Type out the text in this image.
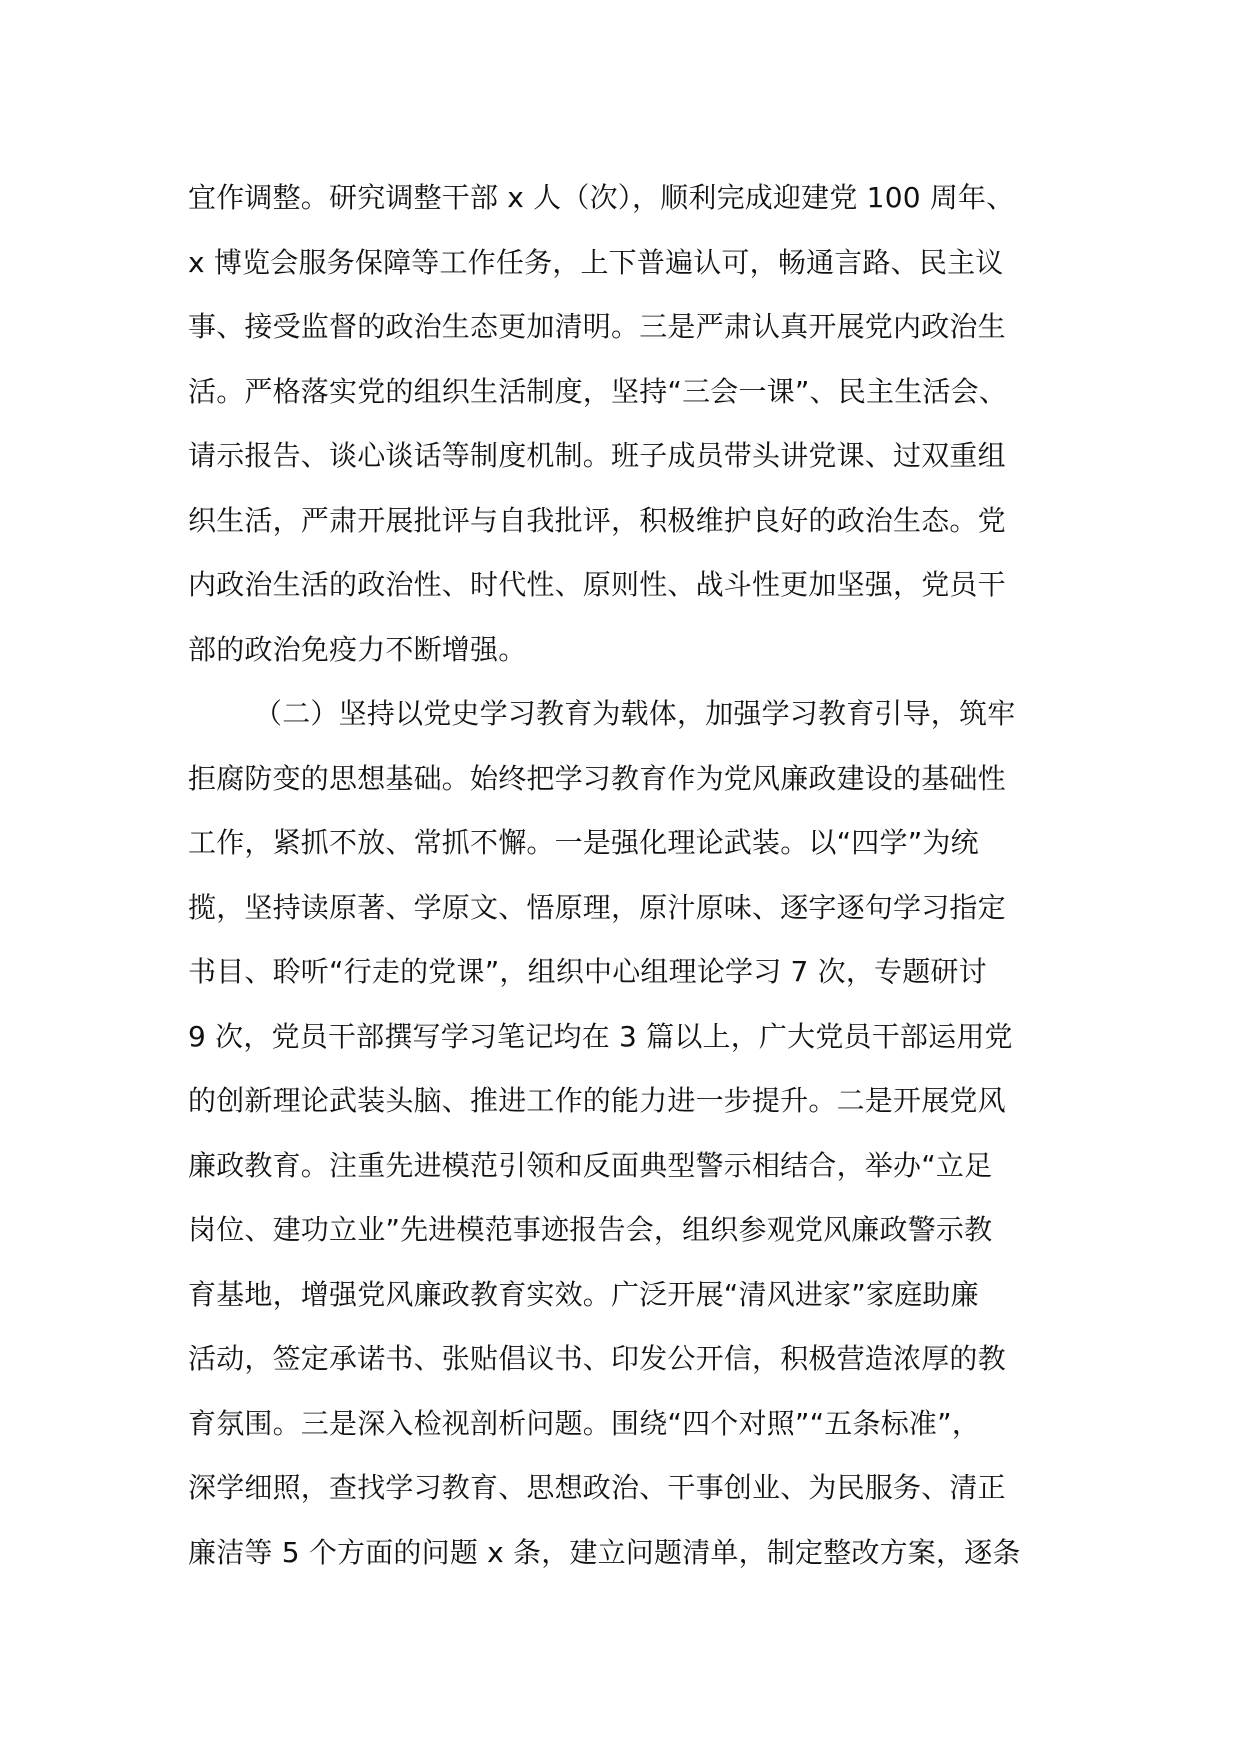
宜作调整。研究调整干部 x 人（次），顺利完成迎建党 100 周年、
x 博览会服务保障等工作任务，上下普遍认可，畅通言路、民主议
事、接受监督的政治生态更加清明。三是严肃认真开展党内政治生
活。严格落实党的组织生活制度，坚持“三会一课”、民主生活会、
请示报告、谈心谈话等制度机制。班子成员带头讲党课、过双重组
织生活，严肃开展批评与自我批评，积极维护良好的政治生态。党
内政治生活的政治性、时代性、原则性、战斗性更加坚强，党员干
部的政治免疫力不断增强。
（二）坚持以党史学习教育为载体，加强学习教育引导，筑牢
拒腐防变的思想基础。始终把学习教育作为党风廉政建设的基础性
工作，紧抓不放、常抓不懈。一是强化理论武装。以“四学”为统
揽，坚持读原著、学原文、悟原理，原汁原味、逐字逐句学习指定
书目、聆听“行走的党课”，组织中心组理论学习 7 次，专题研讨
9 次，党员干部撰写学习笔记均在 3 篇以上，广大党员干部运用党
的创新理论武装头脑、推进工作的能力进一步提升。二是开展党风
廉政教育。注重先进模范引领和反面典型警示相结合，举办“立足
岗位、建功立业”先进模范事迹报告会，组织参观党风廉政警示教
育基地，增强党风廉政教育实效。广泛开展“清风进家”家庭助廉
活动，签定承诺书、张贴倡议书、印发公开信，积极营造浓厚的教
育氛围。三是深入检视剖析问题。围绕“四个对照”“五条标准”，
深学细照，查找学习教育、思想政治、干事创业、为民服务、清正
廉洁等 5 个方面的问题 x 条，建立问题清单，制定整改方案，逐条
